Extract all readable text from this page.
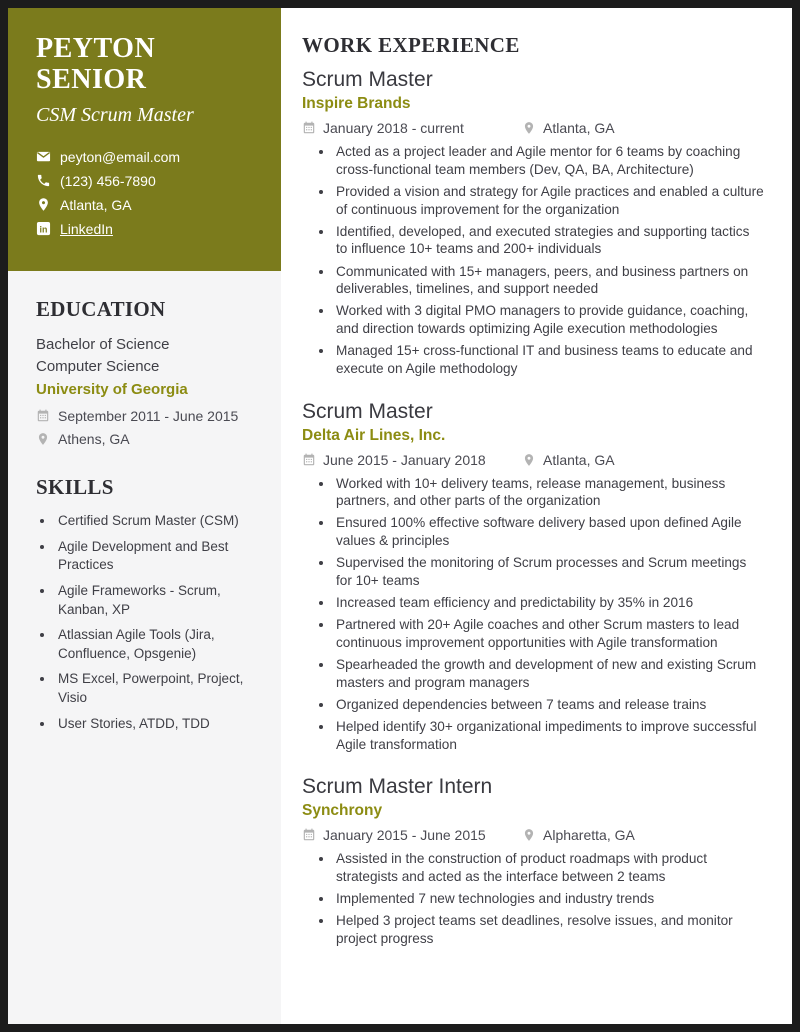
PEYTON SENIOR
CSM Scrum Master
peyton@email.com
(123) 456-7890
Atlanta, GA
in LinkedIn
EDUCATION
Bachelor of Science
Computer Science
University of Georgia
September 2011 - June 2015
Athens, GA
SKILLS
• Certified Scrum Master (CSM)
• Agile Development and Best Practices
• Agile Frameworks - Scrum, Kanban, XP
• Atlassian Agile Tools (Jira, Confluence, Opsgenie)
• MS Excel, Powerpoint, Project, Visio
• User Stories, ATDD, TDD
WORK EXPERIENCE
Scrum Master
Inspire Brands
January 2018 - current	Atlanta, GA
• Acted as a project leader and Agile mentor for 6 teams by coaching cross-functional team members (Dev, QA, BA, Architecture)
• Provided a vision and strategy for Agile practices and enabled a culture of continuous improvement for the organization
• Identified, developed, and executed strategies and supporting tactics to influence 10+ teams and 200+ individuals
• Communicated with 15+ managers, peers, and business partners on deliverables, timelines, and support needed
• Worked with 3 digital PMO managers to provide guidance, coaching, and direction towards optimizing Agile execution methodologies
• Managed 15+ cross-functional IT and business teams to educate and execute on Agile methodology
Scrum Master
Delta Air Lines, Inc.
June 2015 - January 2018	Atlanta, GA
• Worked with 10+ delivery teams, release management, business partners, and other parts of the organization
• Ensured 100% effective software delivery based upon defined Agile values & principles
• Supervised the monitoring of Scrum processes and Scrum meetings for 10+ teams
• Increased team efficiency and predictability by 35% in 2016
• Partnered with 20+ Agile coaches and other Scrum masters to lead continuous improvement opportunities with Agile transformation
• Spearheaded the growth and development of new and existing Scrum masters and program managers
• Organized dependencies between 7 teams and release trains
• Helped identify 30+ organizational impediments to improve successful Agile transformation
Scrum Master Intern
Synchrony
January 2015 - June 2015	Alpharetta, GA
• Assisted in the construction of product roadmaps with product strategists and acted as the interface between 2 teams
• Implemented 7 new technologies and industry trends
• Helped 3 project teams set deadlines, resolve issues, and monitor project progress
